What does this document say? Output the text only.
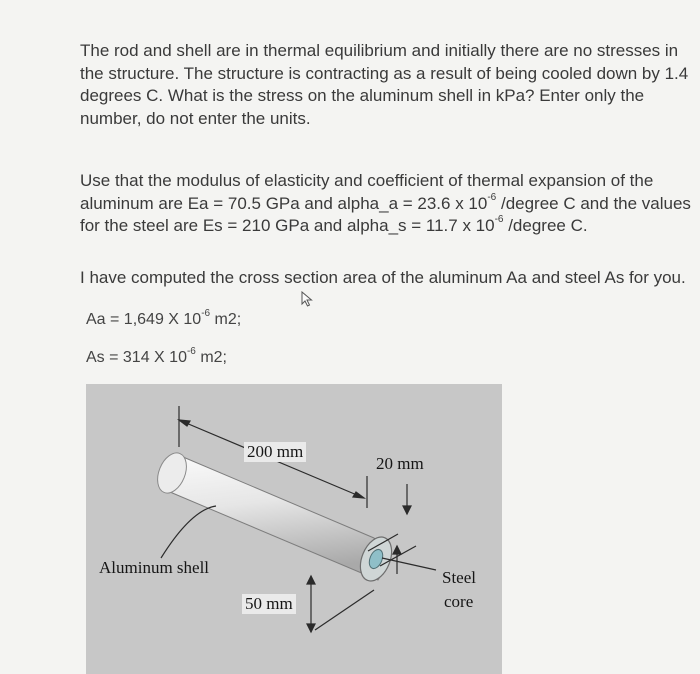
The rod and shell are in thermal equilibrium and initially there are no stresses in the structure. The structure is contracting as a result of being cooled down by 1.4 degrees C. What is the stress on the aluminum shell in kPa? Enter only the number, do not enter the units.
Use that the modulus of elasticity and coefficient of thermal expansion of the aluminum are Ea = 70.5 GPa and alpha_a = 23.6 x $10^{-6}$ /degree C and the values for the steel are Es = 210 GPa and alpha_s = 11.7 x $10^{-6}$ /degree C.
I have computed the cross section area of the aluminum Aa and steel As for you.
Aa = 1,649 X $10^{-6}$ m2;
As = 314 X $10^{-6}$ m2;
200 mm
20 mm
Aluminum shell
50 mm
Steel
core
